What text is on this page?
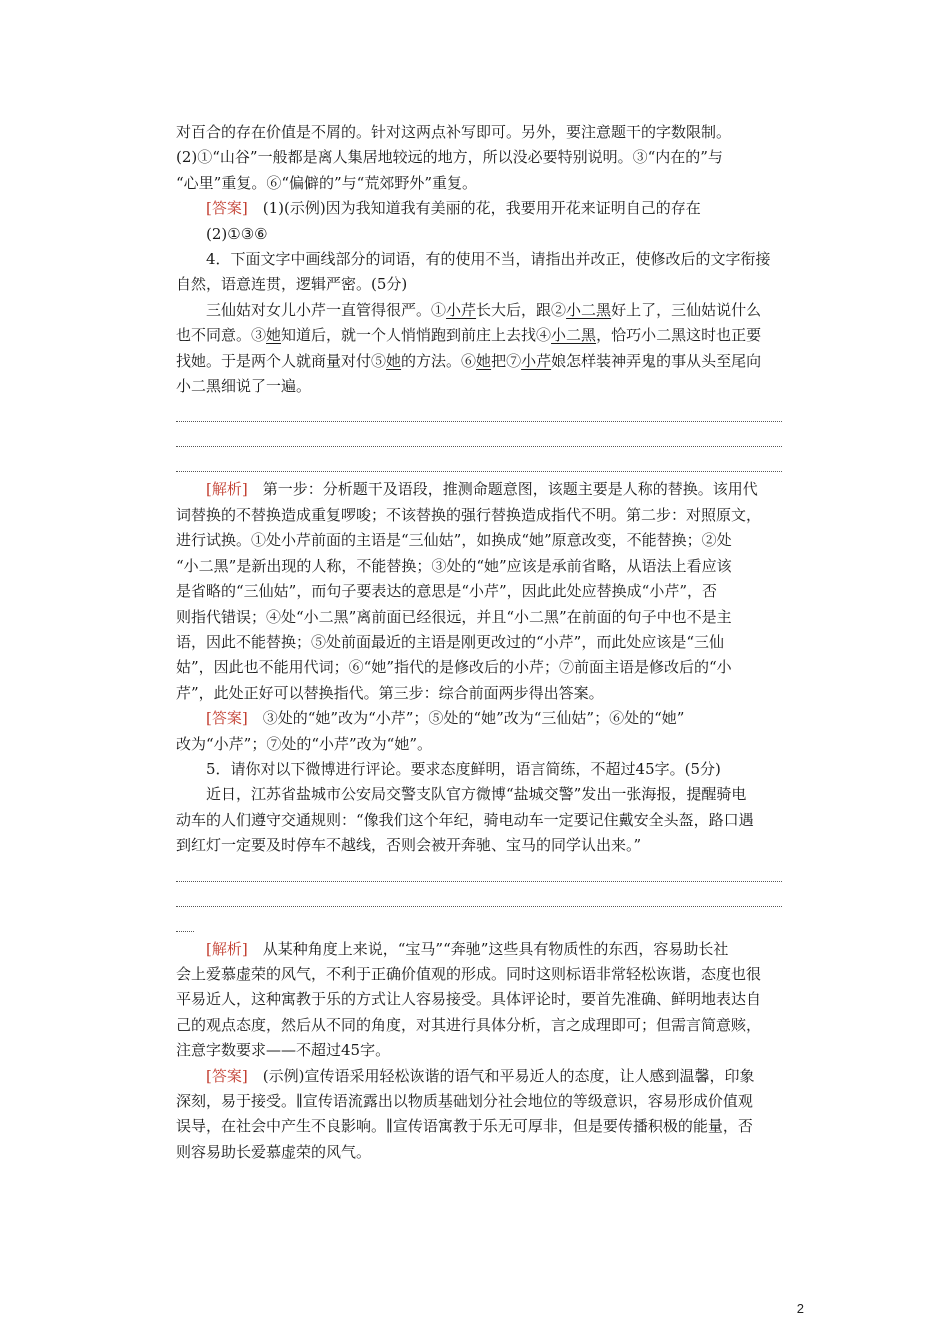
对百合的存在价值是不屑的。针对这两点补写即可。另外，要注意题干的字数限制。

(2)①“山谷”一般都是离人集居地较远的地方，所以没必要特别说明。③“内在的”与

“心里”重复。⑥“偏僻的”与“荒郊野外”重复。

[答案]　 (1)(示例)因为我知道我有美丽的花，我要用开花来证明自己的存在

(2)①③⑥

4．下面文字中画线部分的词语，有的使用不当，请指出并改正，使修改后的文字衔接

自然，语意连贯，逻辑严密。(5分)

三仙姑对女儿小芹一直管得很严。①小芹长大后，跟②小二黑好上了，三仙姑说什么

也不同意。③她知道后，就一个人悄悄跑到前庄上去找④小二黑，恰巧小二黑这时也正要

找她。于是两个人就商量对付⑤她的方法。⑥她把⑦小芹娘怎样装神弄鬼的事从头至尾向

小二黑细说了一遍。

[解析]　 第一步：分析题干及语段，推测命题意图，该题主要是人称的替换。该用代

词替换的不替换造成重复啰唆；不该替换的强行替换造成指代不明。第二步：对照原文，

进行试换。①处小芹前面的主语是“三仙姑”，如换成“她”原意改变，不能替换；②处

“小二黑”是新出现的人称，不能替换；③处的“她”应该是承前省略，从语法上看应该

是省略的“三仙姑”，而句子要表达的意思是“小芹”，因此此处应替换成“小芹”，否

则指代错误；④处“小二黑”离前面已经很远，并且“小二黑”在前面的句子中也不是主

语，因此不能替换；⑤处前面最近的主语是刚更改过的“小芹”，而此处应该是“三仙

姑”，因此也不能用代词；⑥“她”指代的是修改后的小芹；⑦前面主语是修改后的“小

芹”，此处正好可以替换指代。第三步：综合前面两步得出答案。

[答案]　 ③处的“她”改为“小芹”；⑤处的“她”改为“三仙姑”；⑥处的“她”

改为“小芹”；⑦处的“小芹”改为“她”。

5．请你对以下微博进行评论。要求态度鲜明，语言简练，不超过45字。(5分)

近日，江苏省盐城市公安局交警支队官方微博“盐城交警”发出一张海报，提醒骑电

动车的人们遵守交通规则：“像我们这个年纪，骑电动车一定要记住戴安全头盔，路口遇

到红灯一定要及时停车不越线，否则会被开奔驰、宝马的同学认出来。”

[解析]　 从某种角度上来说，“宝马”“奔驰”这些具有物质性的东西，容易助长社

会上爱慕虚荣的风气，不利于正确价值观的形成。同时这则标语非常轻松诙谐，态度也很

平易近人，这种寓教于乐的方式让人容易接受。具体评论时，要首先准确、鲜明地表达自

己的观点态度，然后从不同的角度，对其进行具体分析，言之成理即可；但需言简意赅，

注意字数要求——不超过45字。

[答案]　 (示例)宣传语采用轻松诙谐的语气和平易近人的态度，让人感到温馨，印象

深刻，易于接受。∥宣传语流露出以物质基础划分社会地位的等级意识，容易形成价值观

误导，在社会中产生不良影响。∥宣传语寓教于乐无可厚非，但是要传播积极的能量，否

则容易助长爱慕虚荣的风气。

2
